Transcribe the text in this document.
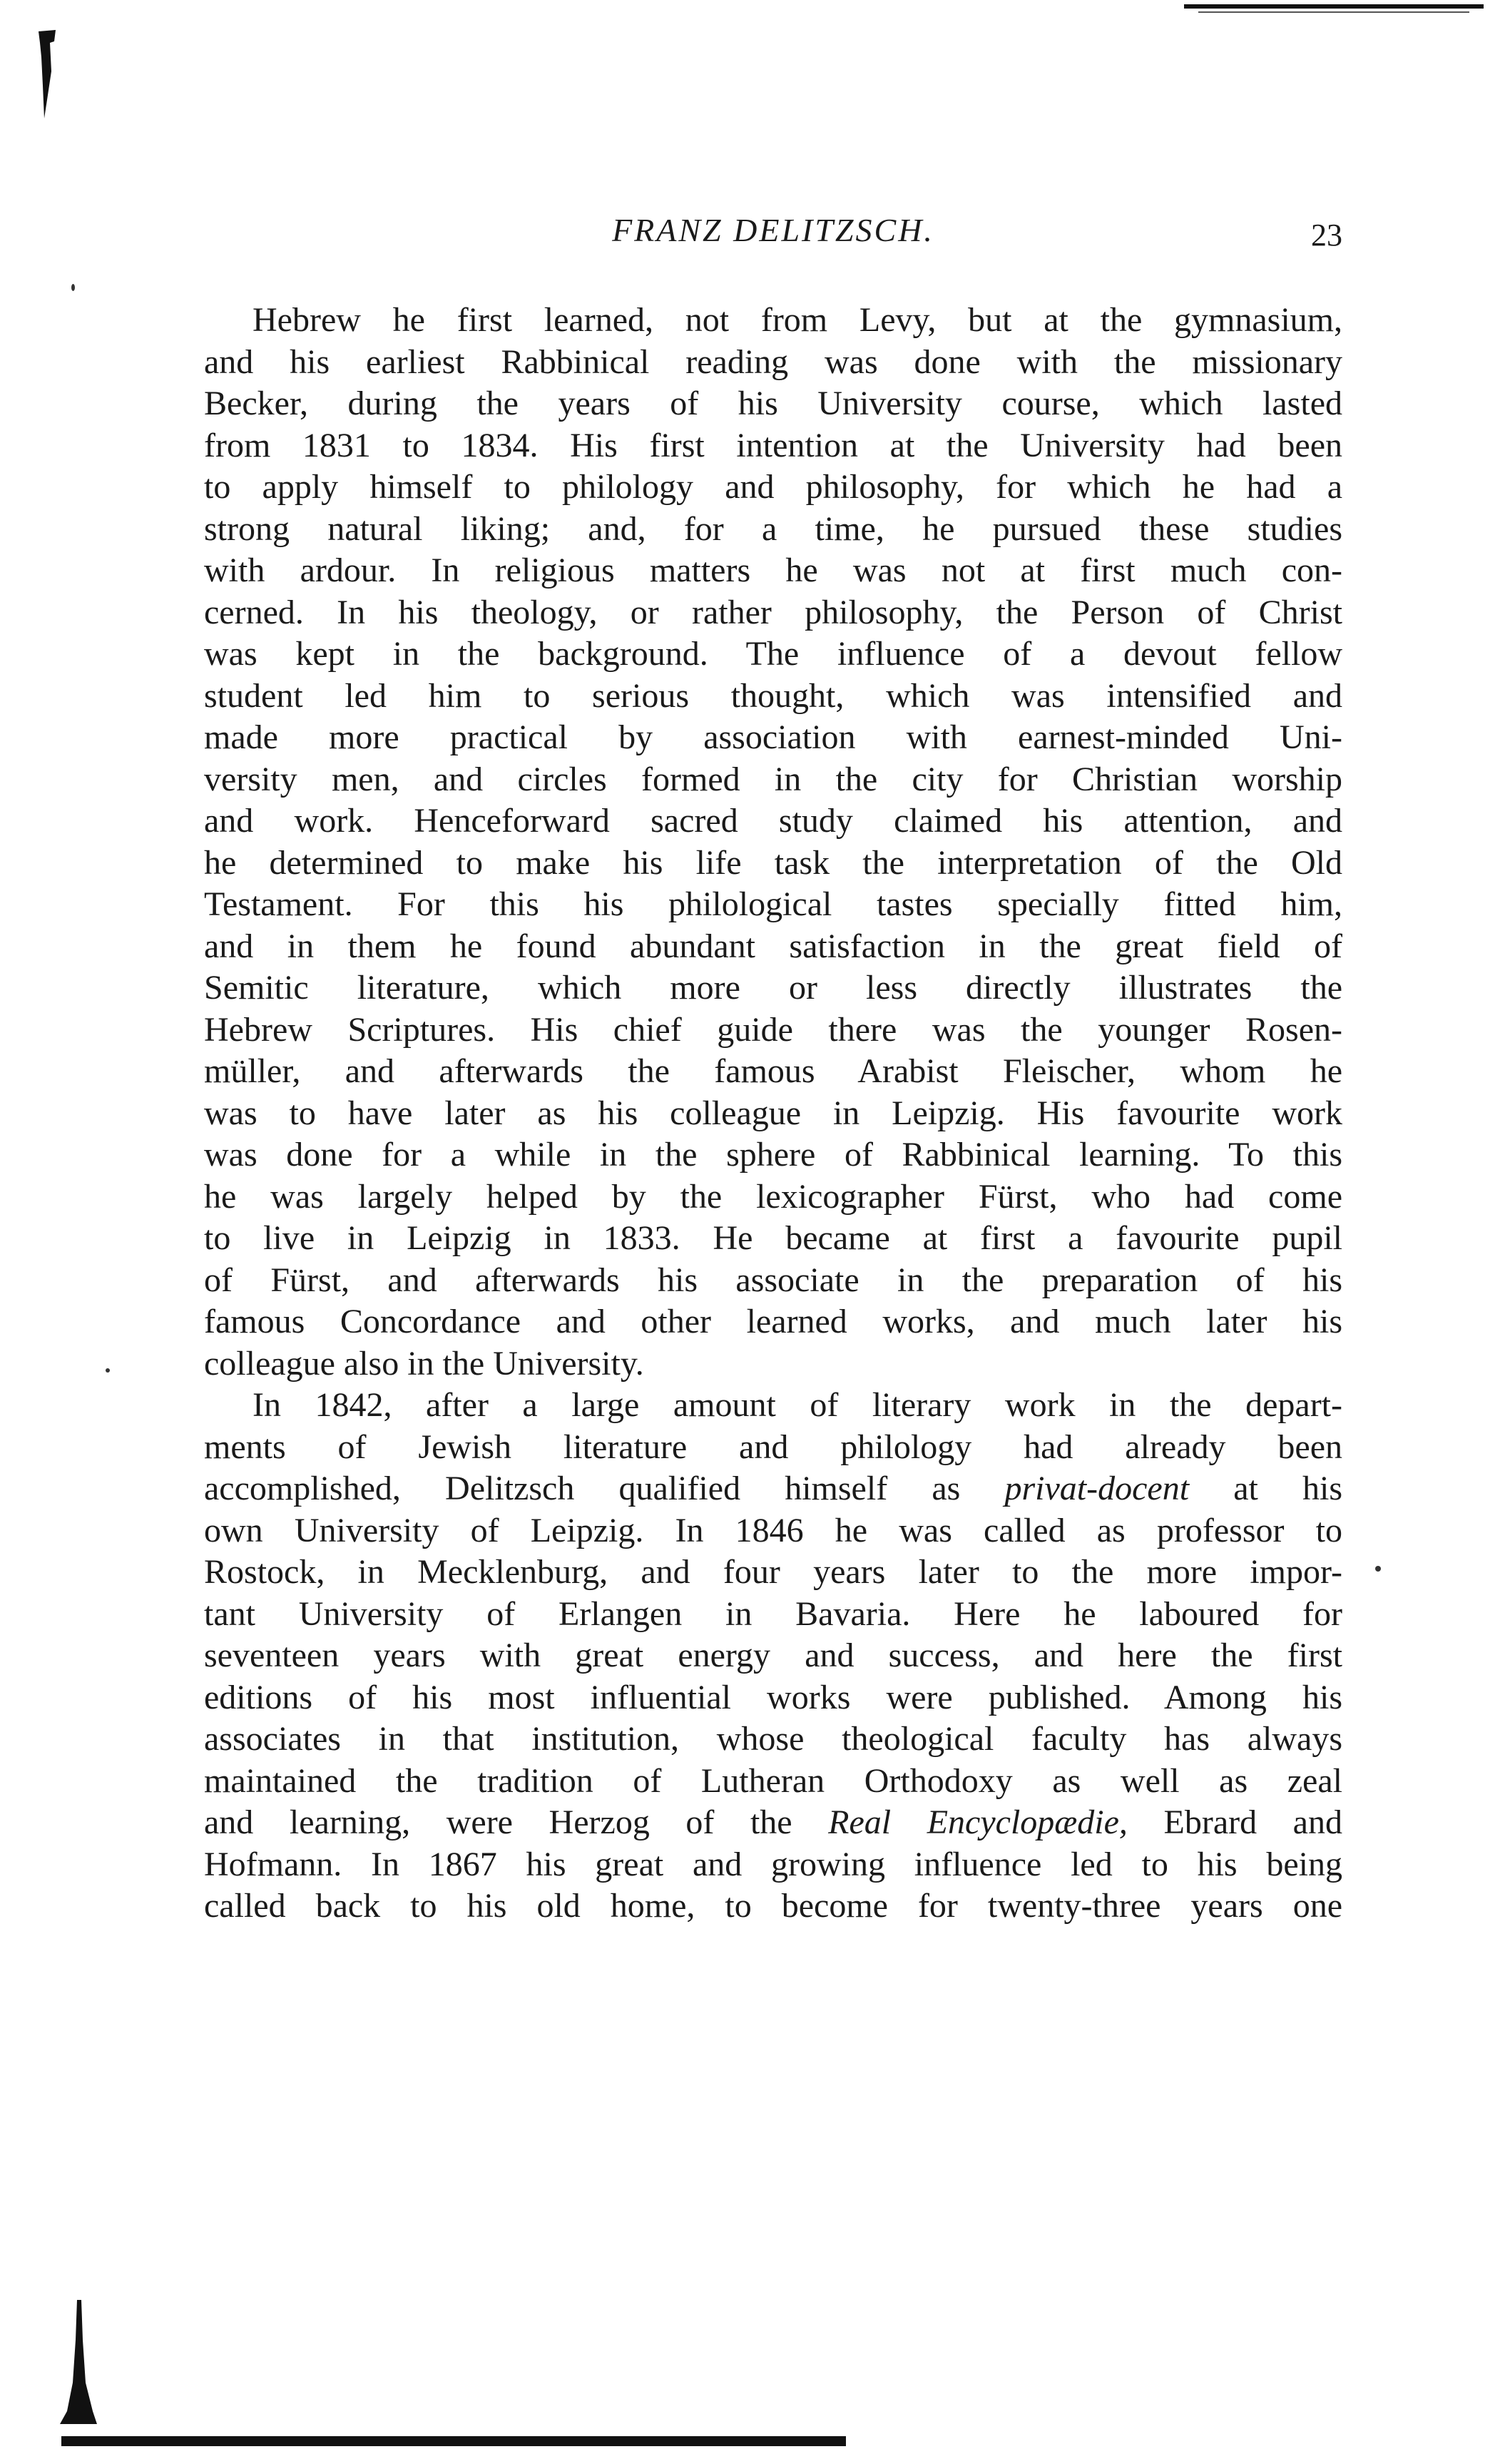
FRANZ DELITZSCH.	23
Hebrew he first learned, not from Levy, but at the gymnasium,
and his earliest Rabbinical reading was done with the missionary
Becker, during the years of his University course, which lasted
from 1831 to 1834. His first intention at the University had been
to apply himself to philology and philosophy, for which he had a
strong natural liking; and, for a time, he pursued these studies
with ardour. In religious matters he was not at first much con-
cerned. In his theology, or rather philosophy, the Person of Christ
was kept in the background. The influence of a devout fellow
student led him to serious thought, which was intensified and
made more practical by association with earnest-minded Uni-
versity men, and circles formed in the city for Christian worship
and work. Henceforward sacred study claimed his attention, and
he determined to make his life task the interpretation of the Old
Testament. For this his philological tastes specially fitted him,
and in them he found abundant satisfaction in the great field of
Semitic literature, which more or less directly illustrates the
Hebrew Scriptures. His chief guide there was the younger Rosen-
müller, and afterwards the famous Arabist Fleischer, whom he
was to have later as his colleague in Leipzig. His favourite work
was done for a while in the sphere of Rabbinical learning. To this
he was largely helped by the lexicographer Fürst, who had come
to live in Leipzig in 1833. He became at first a favourite pupil
of Fürst, and afterwards his associate in the preparation of his
famous Concordance and other learned works, and much later his
colleague also in the University.
In 1842, after a large amount of literary work in the depart-
ments of Jewish literature and philology had already been
accomplished, Delitzsch qualified himself as privat-docent at his
own University of Leipzig. In 1846 he was called as professor to
Rostock, in Mecklenburg, and four years later to the more impor-
tant University of Erlangen in Bavaria. Here he laboured for
seventeen years with great energy and success, and here the first
editions of his most influential works were published. Among his
associates in that institution, whose theological faculty has always
maintained the tradition of Lutheran Orthodoxy as well as zeal
and learning, were Herzog of the Real Encyclopædie, Ebrard and
Hofmann. In 1867 his great and growing influence led to his being
called back to his old home, to become for twenty-three years one
